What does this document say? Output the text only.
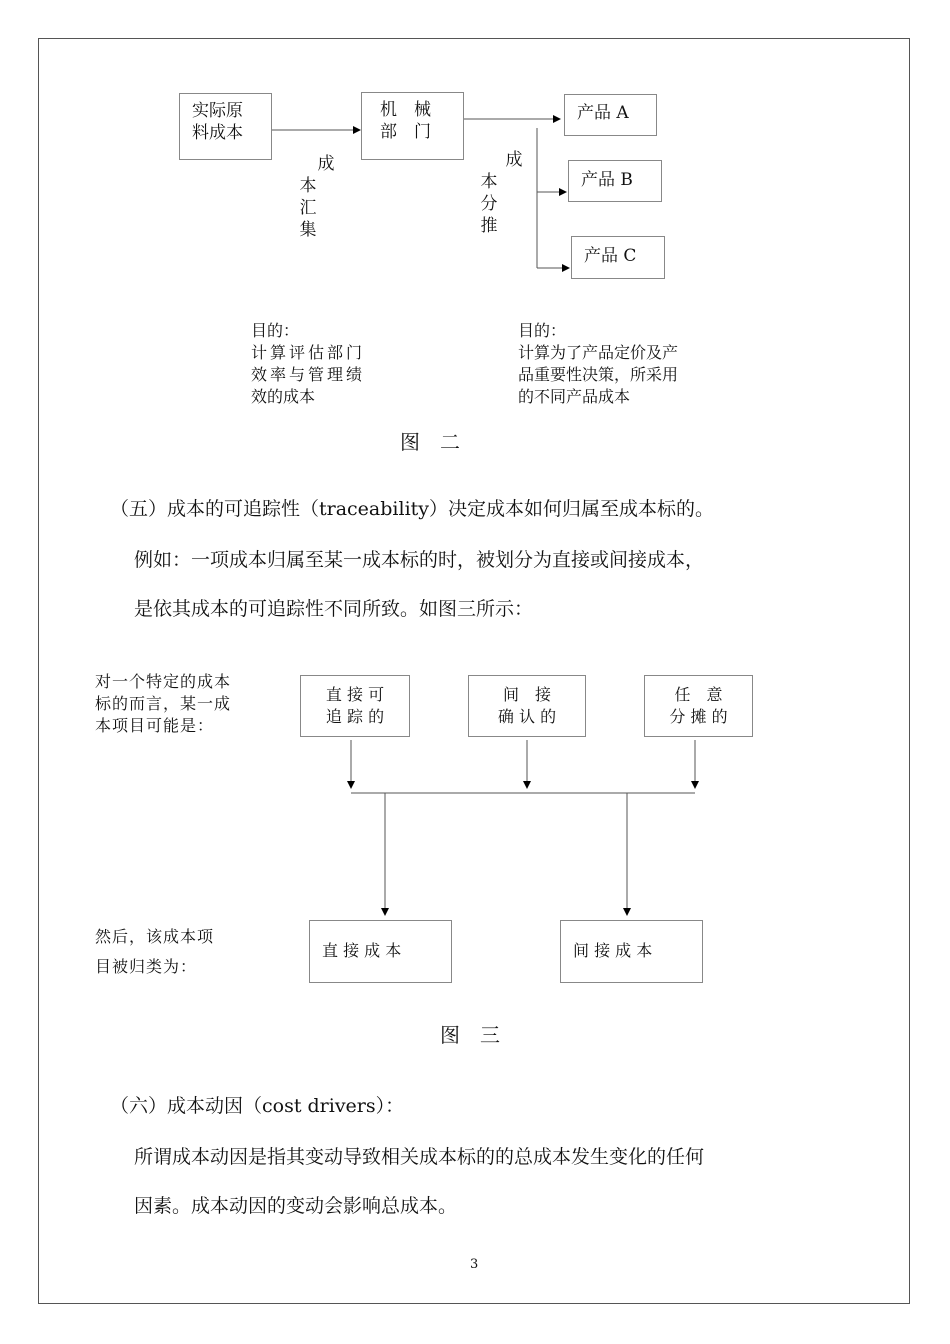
实际原
料成本
机　械
部　门
产品 A
产品 B
产品 C
成
本
汇
集
成
本
分
推
目的：
计算评估部门
效率与管理绩
效的成本
目的：
计算为了产品定价及产
品重要性决策，所采用
的不同产品成本
图　二
（五）成本的可追踪性（traceability）决定成本如何归属至成本标的。
例如：一项成本归属至某一成本标的时，被划分为直接或间接成本，
是依其成本的可追踪性不同所致。如图三所示：
对一个特定的成本
标的而言，某一成
本项目可能是：
直 接 可
追 踪 的
间　接
确 认 的
任　意
分 摊 的
然后，该成本项
目被归类为：
直 接 成 本	间 接 成 本
图　三
（六）成本动因（cost drivers）：
所谓成本动因是指其变动导致相关成本标的的总成本发生变化的任何
因素。成本动因的变动会影响总成本。
3
